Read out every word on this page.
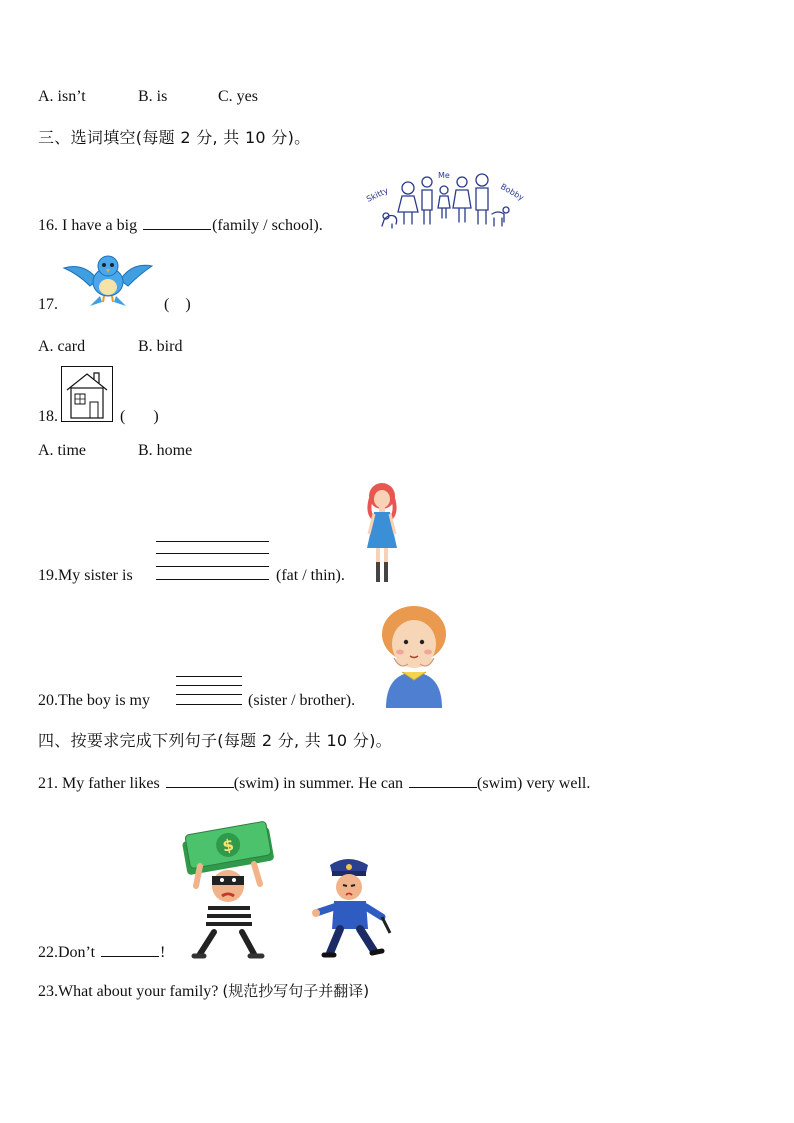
A. isn’t	B. is	C. yes
三、选词填空(每题 2 分, 共 10 分)。
16. I have a big	(family / school).
Skitty
Me
Bobby
17.	(    )
A. card	B. bird
18.	(       )
A. time	B. home
19.My sister is	(fat / thin).
20.The boy is my	(sister / brother).
四、按要求完成下列句子(每题 2 分, 共 10 分)。
21. My father likes	(swim) in summer. He can	(swim) very well.
22.Don’t	!
$
23.What about your family? (规范抄写句子并翻译)
